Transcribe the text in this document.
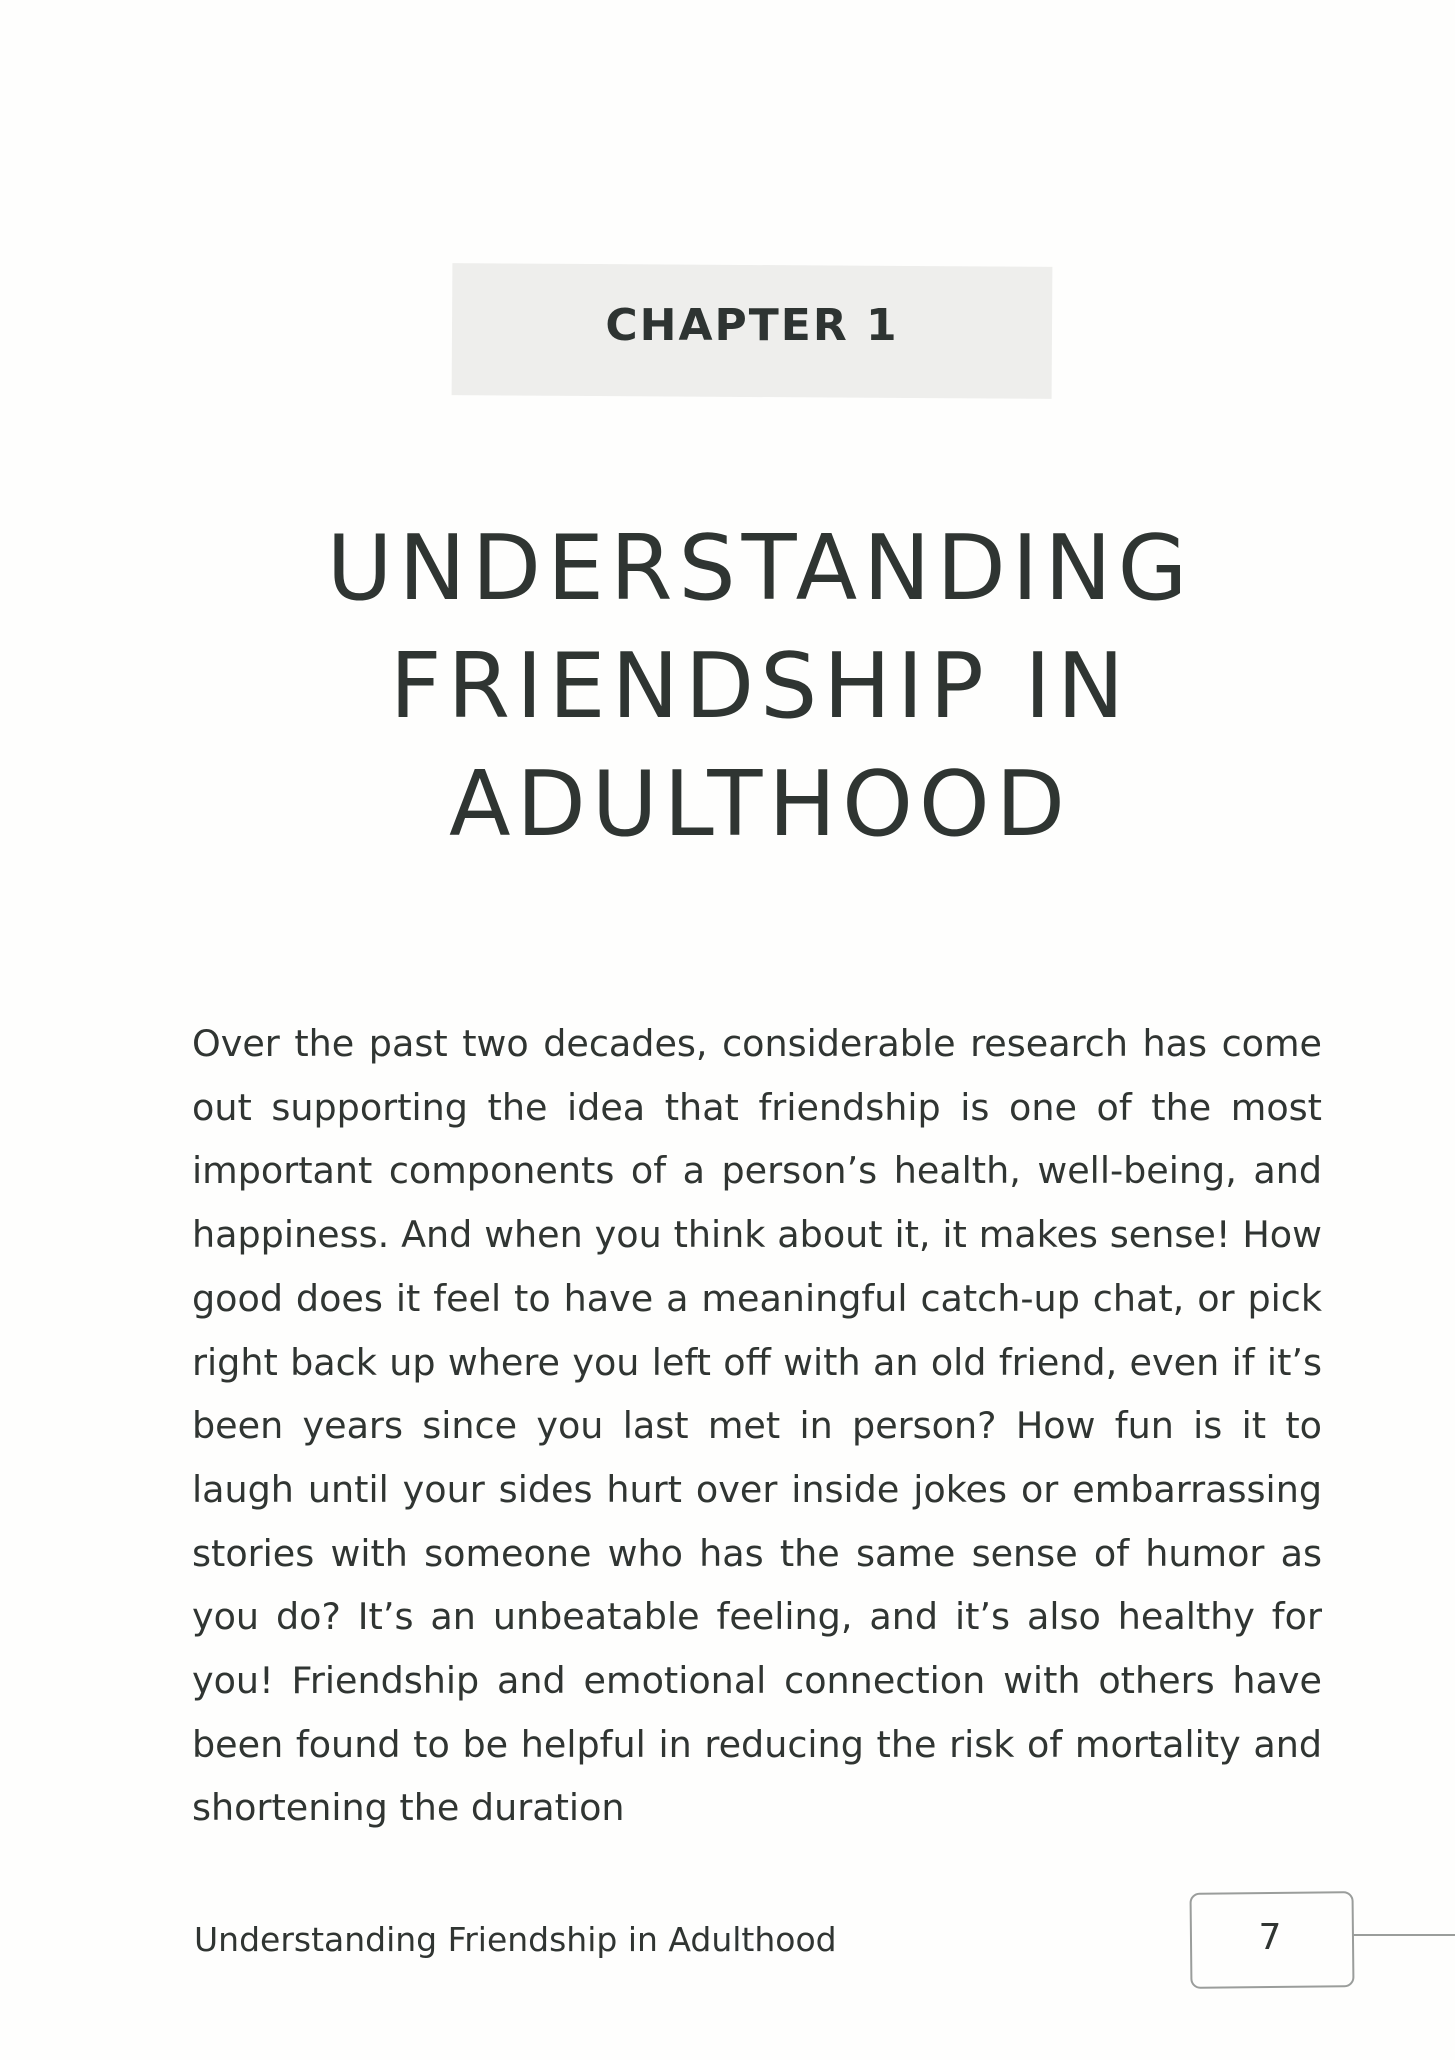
CHAPTER 1
UNDERSTANDING
FRIENDSHIP IN
ADULTHOOD

Over the past two decades, considerable research has come out supporting the idea that friendship is one of the most important components of a person’s health, well-being, and happiness. And when you think about it, it makes sense! How good does it feel to have a meaningful catch-up chat, or pick right back up where you left off with an old friend, even if it’s been years since you last met in person? How fun is it to laugh until your sides hurt over inside jokes or embarrassing stories with someone who has the same sense of humor as you do? It’s an unbeatable feeling, and it’s also healthy for you! Friendship and emotional connection with others have been found to be helpful in reducing the risk of mortality and shortening the duration

Understanding Friendship in Adulthood	7
